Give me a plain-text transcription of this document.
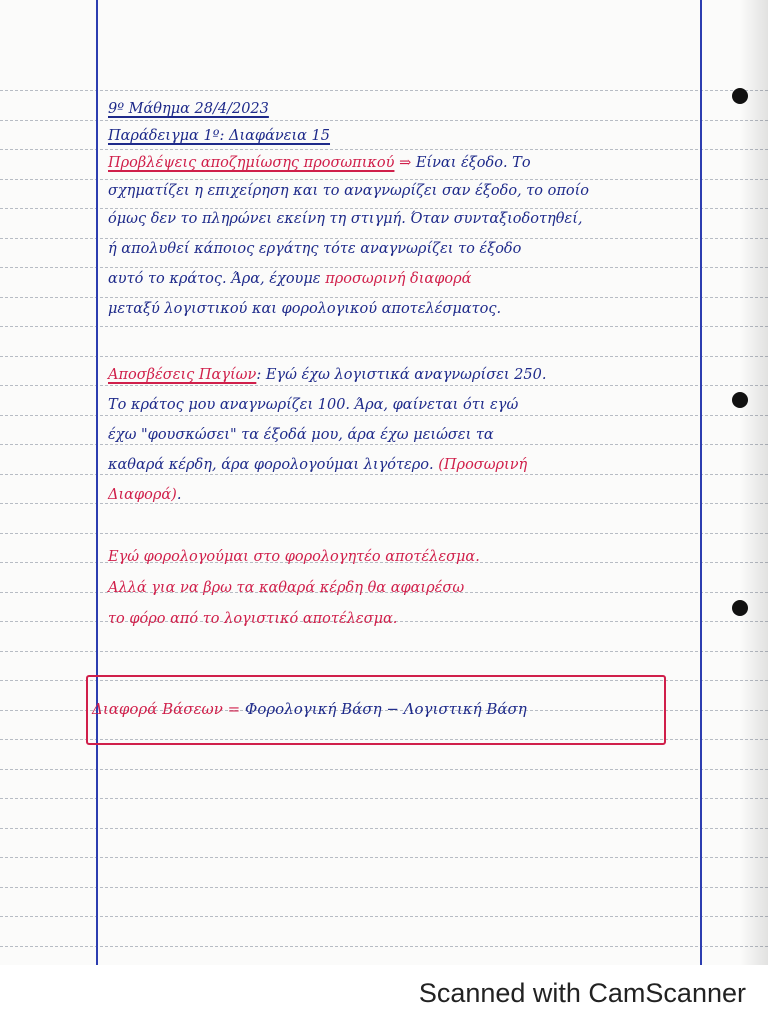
9º Μάθημα 28/4/2023
Παράδειγμα 1º: Διαφάνεια 15
Προβλέψεις αποζημίωσης προσωπικού ⇒ Είναι έξοδο. Το
σχηματίζει η επιχείρηση και το αναγνωρίζει σαν έξοδο, το οποίο
όμως δεν το πληρώνει εκείνη τη στιγμή. Όταν συνταξιοδοτηθεί,
ή απολυθεί κάποιος εργάτης τότε αναγνωρίζει το έξοδο
αυτό το κράτος. Άρα, έχουμε προσωρινή διαφορά
μεταξύ λογιστικού και φορολογικού αποτελέσματος.
Αποσβέσεις Παγίων: Εγώ έχω λογιστικά αναγνωρίσει 250.
Το κράτος μου αναγνωρίζει 100. Άρα, φαίνεται ότι εγώ
έχω "φουσκώσει" τα έξοδά μου, άρα έχω μειώσει τα
καθαρά κέρδη, άρα φορολογούμαι λιγότερο. (Προσωρινή
Διαφορά).
Εγώ φορολογούμαι στο φορολογητέο αποτέλεσμα.
Αλλά για να βρω τα καθαρά κέρδη θα αφαιρέσω
το φόρο από το λογιστικό αποτέλεσμα.
Διαφορά Βάσεων = Φορολογική Βάση − Λογιστική Βάση
Scanned with CamScanner
